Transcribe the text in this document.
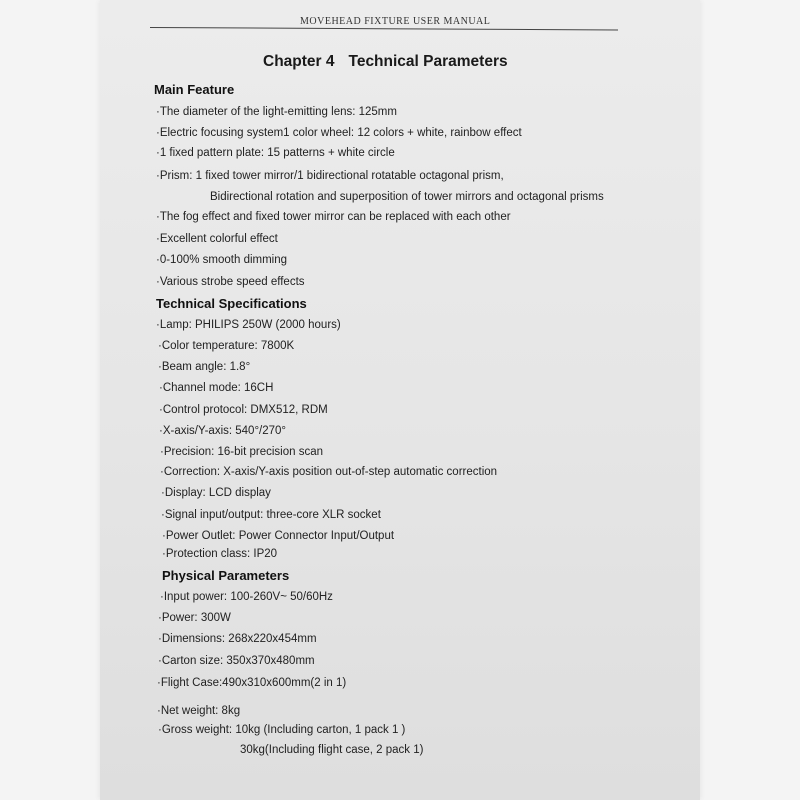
MOVEHEAD FIXTURE USER MANUAL
Chapter 4 Technical Parameters
Main Feature
·The diameter of the light-emitting lens: 125mm
·Electric focusing system1 color wheel: 12 colors + white, rainbow effect
·1 fixed pattern plate: 15 patterns + white circle
·Prism: 1 fixed tower mirror/1 bidirectional rotatable octagonal prism,
Bidirectional rotation and superposition of tower mirrors and octagonal prisms
·The fog effect and fixed tower mirror can be replaced with each other
·Excellent colorful effect
·0-100% smooth dimming
·Various strobe speed effects
Technical Specifications
·Lamp: PHILIPS 250W (2000 hours)
·Color temperature: 7800K
·Beam angle: 1.8°
·Channel mode: 16CH
·Control protocol: DMX512, RDM
·X-axis/Y-axis: 540°/270°
·Precision: 16-bit precision scan
·Correction: X-axis/Y-axis position out-of-step automatic correction
·Display: LCD display
·Signal input/output: three-core XLR socket
·Power Outlet: Power Connector Input/Output
·Protection class: IP20
Physical Parameters
·Input power: 100-260V~ 50/60Hz
·Power: 300W
·Dimensions: 268x220x454mm
·Carton size: 350x370x480mm
·Flight Case:490x310x600mm(2 in 1)
·Net weight: 8kg
·Gross weight: 10kg (Including carton, 1 pack 1 )
30kg(Including flight case, 2 pack 1)
